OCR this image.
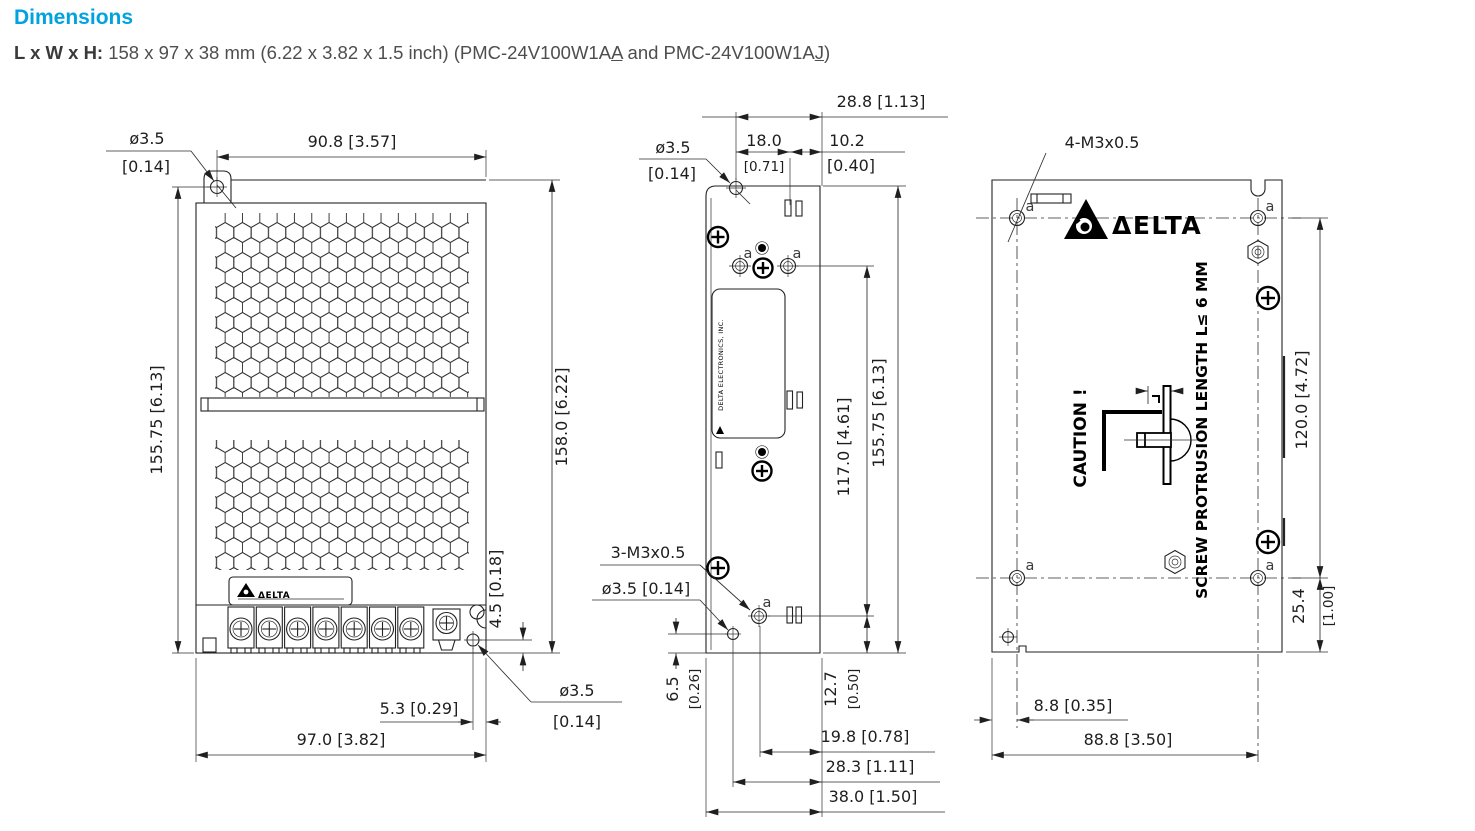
Dimensions
L x W x H: 158 x 97 x 38 mm (6.22 x 3.82 x 1.5 inch) (PMC-24V100W1AA and PMC-24V100W1AJ)
ΔELTA
ø3.5
[0.14]
90.8 [3.57]
155.75 [6.13]	158.0 [6.22]
4.5 [0.18]
ø3.5
[0.14]
5.3 [0.29]
97.0 [3.82]
ø3.5
[0.14]
28.8 [1.13]
18.0
[0.71]
10.2
[0.40]
a	a
DELTA ELECTRONICS, INC.
a
3-M3x0.5
ø3.5 [0.14]
117.0 [4.61] 155.75 [6.13]
6.5 [0.26]	12.7 [0.50]
19.8 [0.78]
28.3 [1.11]
38.0 [1.50]
a	a
a	a
4-M3x0.5
ΔELTA
CAUTION !	SCREW PROTRUSION LENGTH L≤ 6 MM	120.0 [4.72]
25.4 [1.00]
8.8 [0.35]
88.8 [3.50]
